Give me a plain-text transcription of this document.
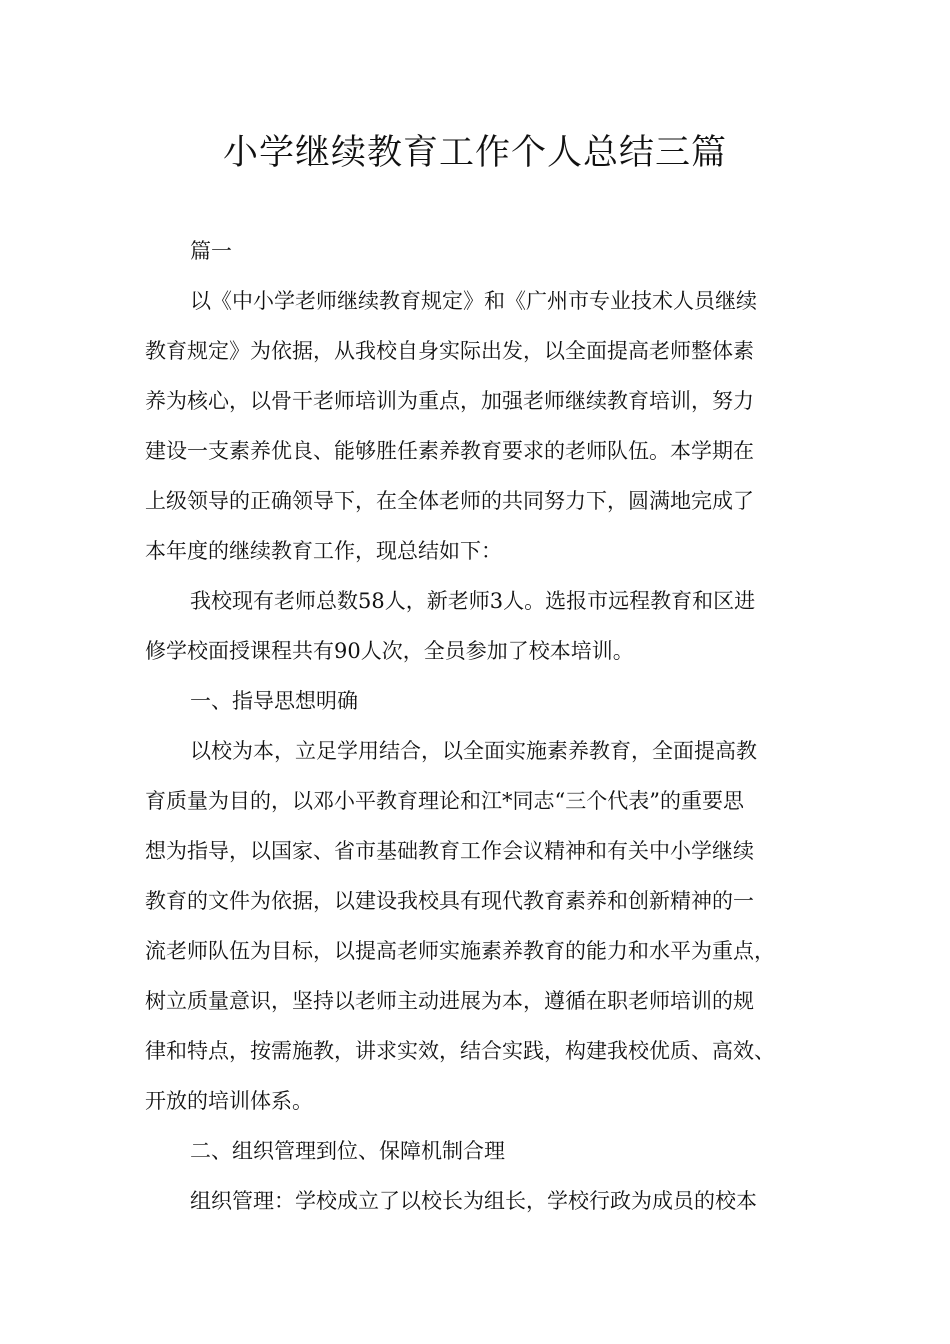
小学继续教育工作个人总结三篇
篇一
以《中小学老师继续教育规定》和《广州市专业技术人员继续
教育规定》为依据，从我校自身实际出发，以全面提高老师整体素
养为核心，以骨干老师培训为重点，加强老师继续教育培训，努力
建设一支素养优良、能够胜任素养教育要求的老师队伍。本学期在
上级领导的正确领导下，在全体老师的共同努力下，圆满地完成了
本年度的继续教育工作，现总结如下：
我校现有老师总数58人，新老师3人。选报市远程教育和区进
修学校面授课程共有90人次，全员参加了校本培训。
一、指导思想明确
以校为本，立足学用结合，以全面实施素养教育，全面提高教
育质量为目的，以邓小平教育理论和江*同志“三个代表”的重要思
想为指导，以国家、省市基础教育工作会议精神和有关中小学继续
教育的文件为依据，以建设我校具有现代教育素养和创新精神的一
流老师队伍为目标，以提高老师实施素养教育的能力和水平为重点，
树立质量意识，坚持以老师主动进展为本，遵循在职老师培训的规
律和特点，按需施教，讲求实效，结合实践，构建我校优质、高效、
开放的培训体系。
二、组织管理到位、保障机制合理
组织管理：学校成立了以校长为组长，学校行政为成员的校本
